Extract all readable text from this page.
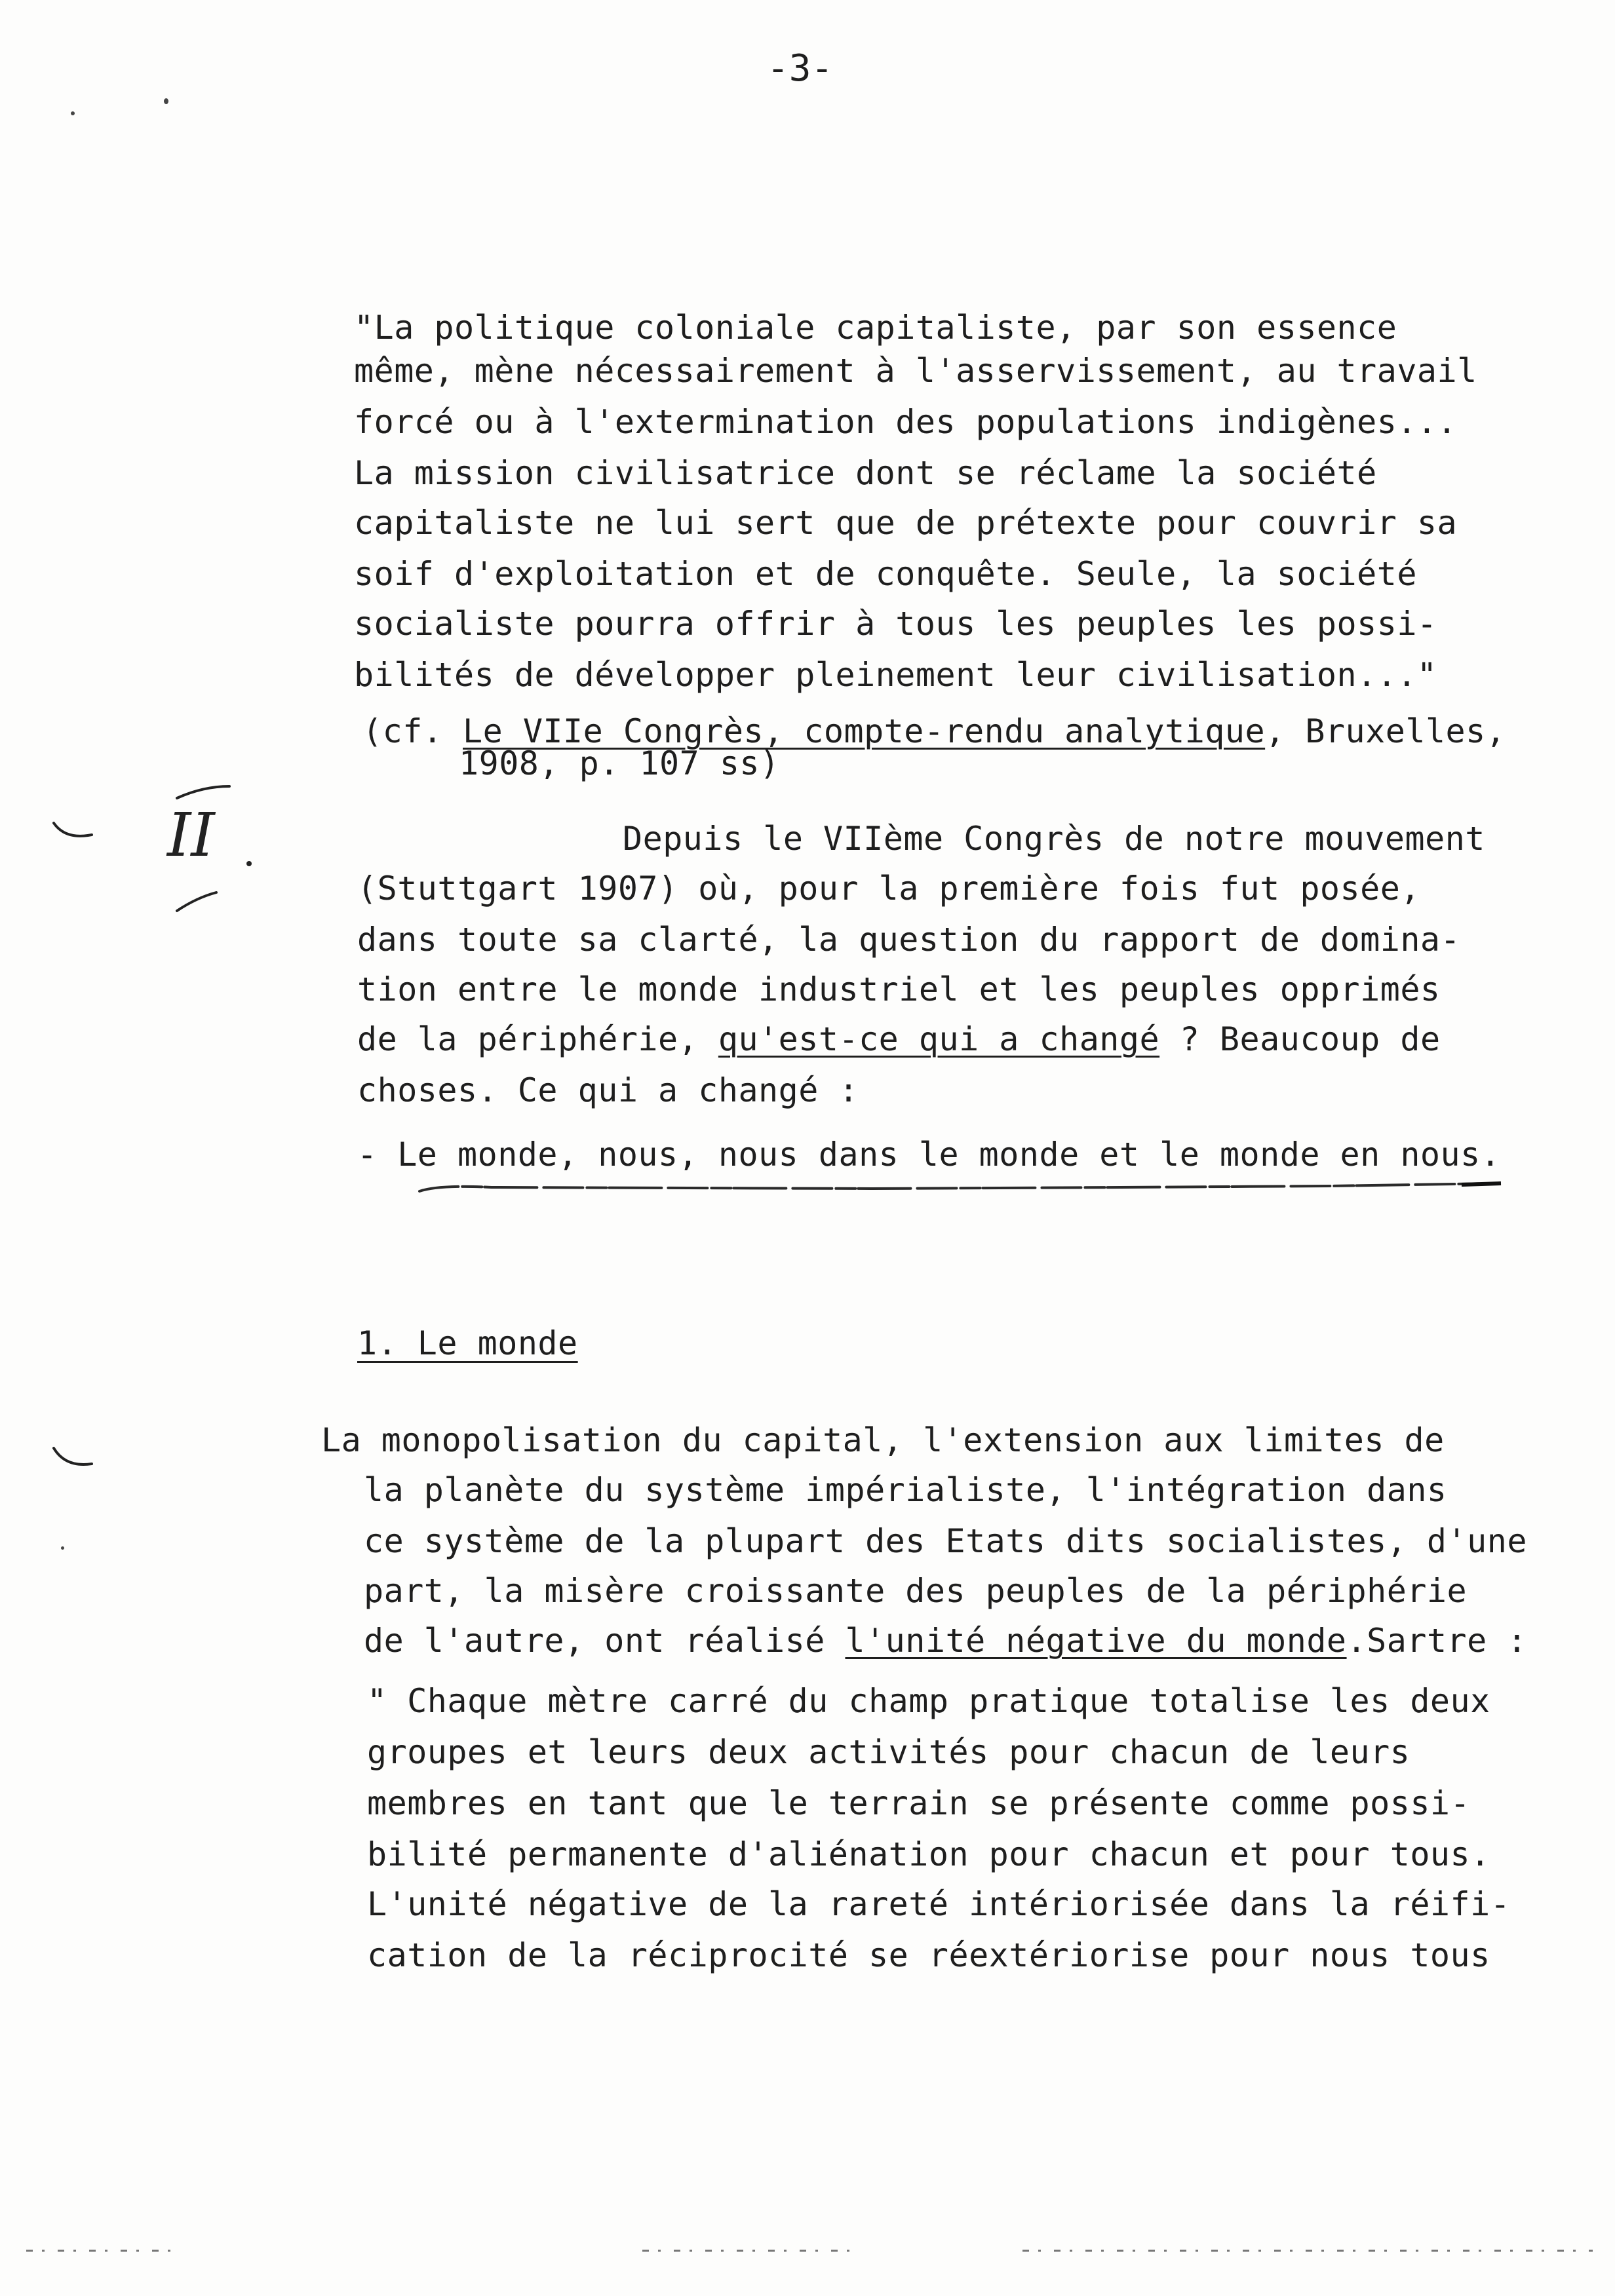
-3-
"La politique coloniale capitaliste, par son essence
même, mène nécessairement à l'asservissement, au travail
forcé ou à l'extermination des populations indigènes...
La mission civilisatrice dont se réclame la société
capitaliste ne lui sert que de prétexte pour couvrir sa
soif d'exploitation et de conquête. Seule, la société
socialiste pourra offrir à tous les peuples les possi-
bilités de développer pleinement leur civilisation..."
(cf. Le VIIe Congrès, compte-rendu analytique, Bruxelles,
1908, p. 107 ss)
II	Depuis le VIIème Congrès de notre mouvement
(Stuttgart 1907) où, pour la première fois fut posée,
dans toute sa clarté, la question du rapport de domina-
tion entre le monde industriel et les peuples opprimés
de la périphérie, qu'est-ce qui a changé ? Beaucoup de
choses. Ce qui a changé :
- Le monde, nous, nous dans le monde et le monde en nous.
1. Le monde
La monopolisation du capital, l'extension aux limites de
la planète du système impérialiste, l'intégration dans
ce système de la plupart des Etats dits socialistes, d'une
part, la misère croissante des peuples de la périphérie
de l'autre, ont réalisé l'unité négative du monde.Sartre :
" Chaque mètre carré du champ pratique totalise les deux
groupes et leurs deux activités pour chacun de leurs
membres en tant que le terrain se présente comme possi-
bilité permanente d'aliénation pour chacun et pour tous.
L'unité négative de la rareté intériorisée dans la réifi-
cation de la réciprocité se réextériorise pour nous tous
